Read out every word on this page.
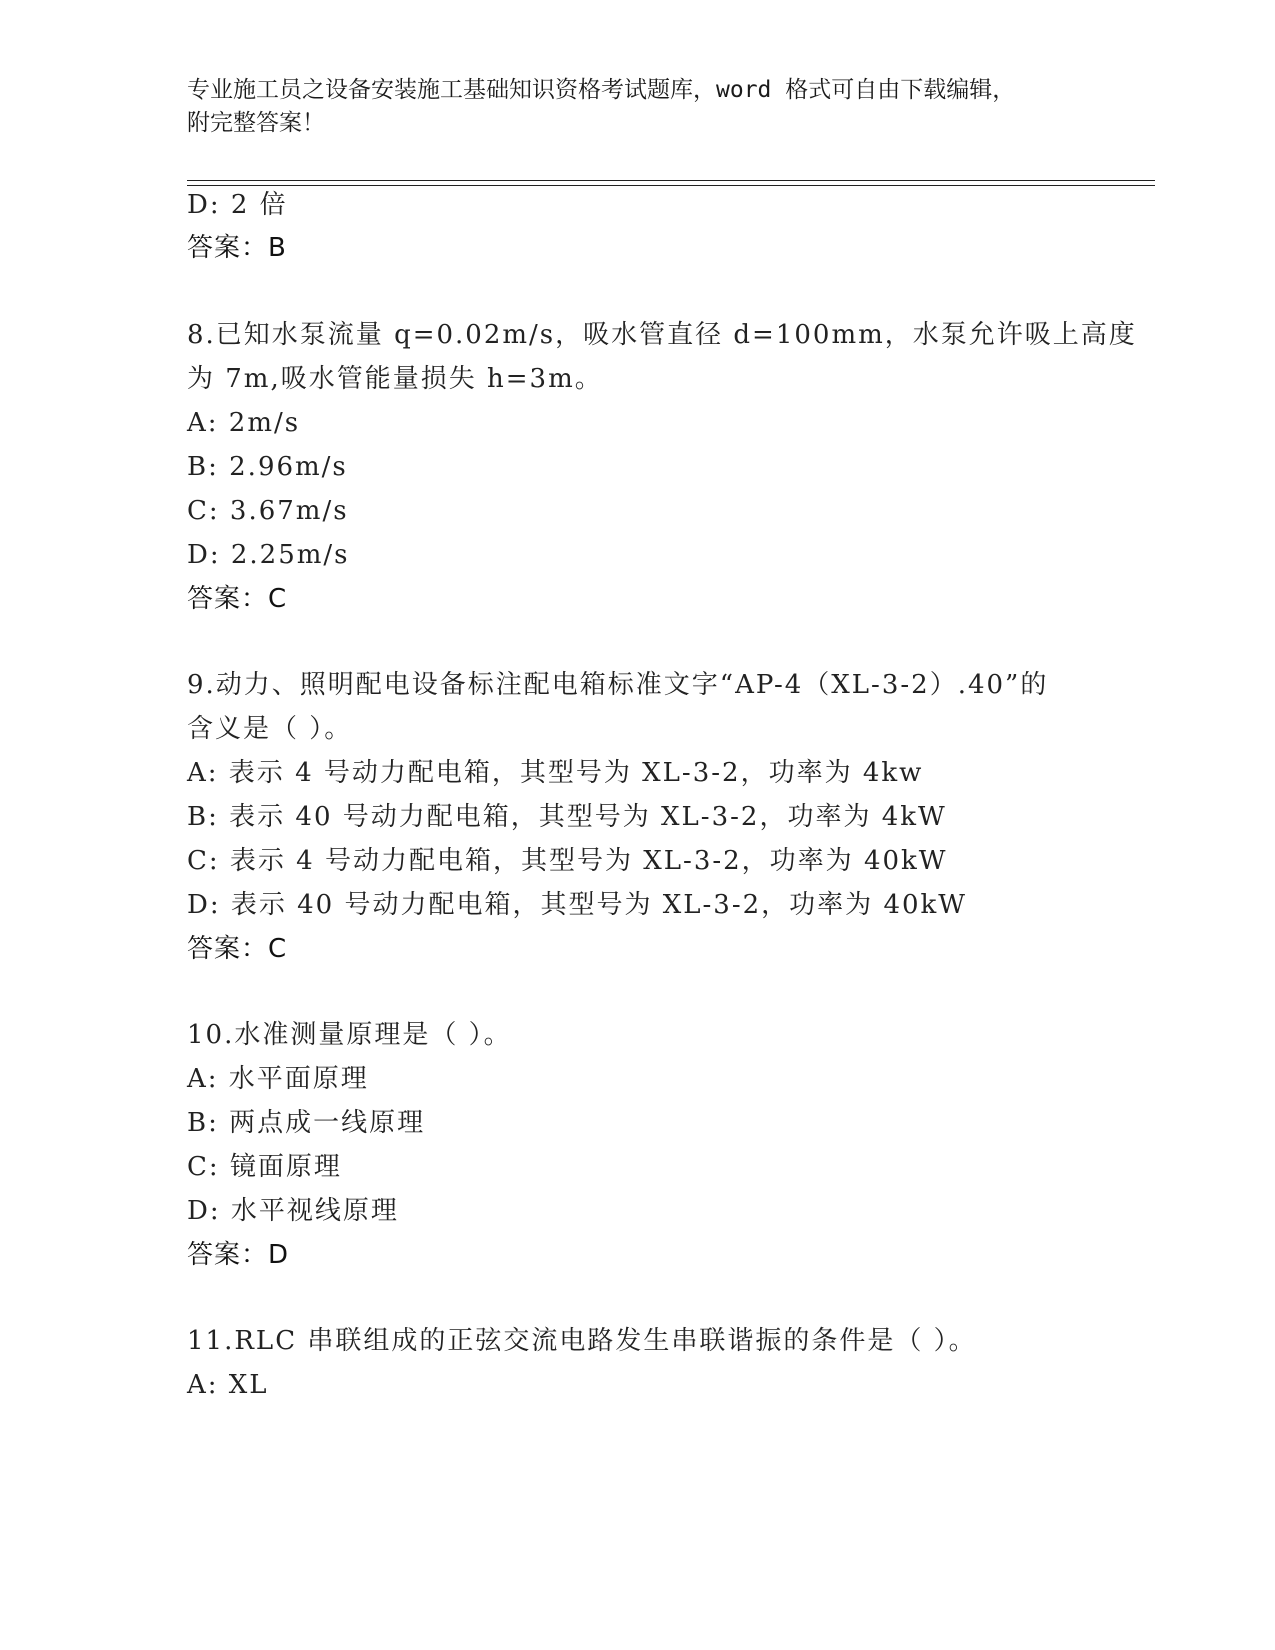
专业施工员之设备安装施工基础知识资格考试题库，word 格式可自由下载编辑，
附完整答案！
D: 2 倍
答案：B
8.已知水泵流量 q=0.02m/s，吸水管直径 d=100mm，水泵允许吸上高度
为 7m,吸水管能量损失 h=3m。
A: 2m/s
B: 2.96m/s
C: 3.67m/s
D: 2.25m/s
答案：C
9.动力、照明配电设备标注配电箱标准文字“AP-4（XL-3-2）.40”的
含义是（ ）。
A: 表示 4 号动力配电箱，其型号为 XL-3-2，功率为 4kw
B: 表示 40 号动力配电箱，其型号为 XL-3-2，功率为 4kW
C: 表示 4 号动力配电箱，其型号为 XL-3-2，功率为 40kW
D: 表示 40 号动力配电箱，其型号为 XL-3-2，功率为 40kW
答案：C
10.水准测量原理是（ ）。
A: 水平面原理
B: 两点成一线原理
C: 镜面原理
D: 水平视线原理
答案：D
11.RLC 串联组成的正弦交流电路发生串联谐振的条件是（ ）。
A: XL
